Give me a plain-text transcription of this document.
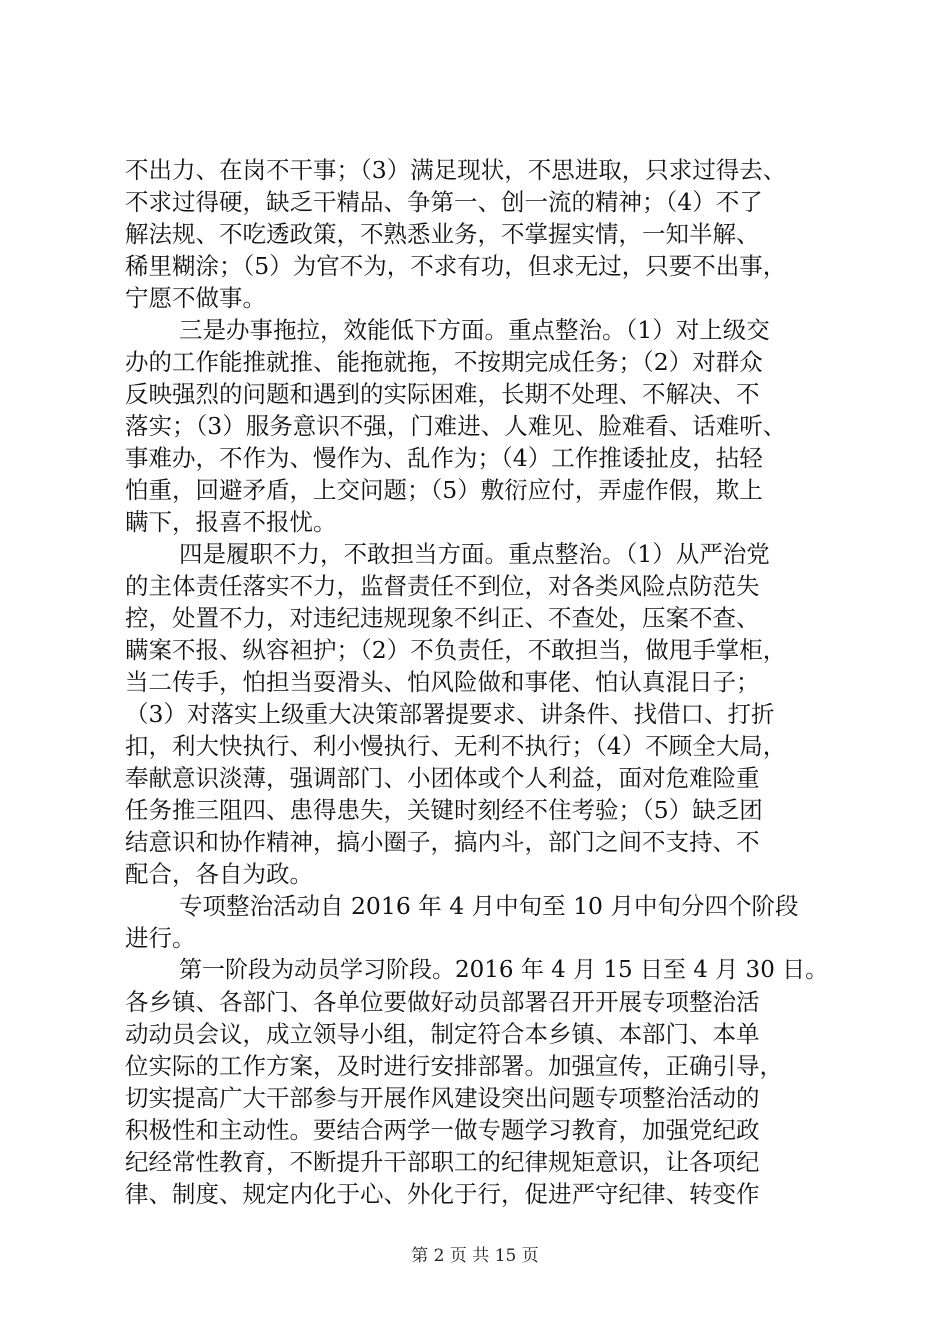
不出力、在岗不干事；（3）满足现状，不思进取，只求过得去、
不求过得硬，缺乏干精品、争第一、创一流的精神；（4）不了
解法规、不吃透政策，不熟悉业务，不掌握实情，一知半解、
稀里糊涂；（5）为官不为，不求有功，但求无过，只要不出事，
宁愿不做事。
三是办事拖拉，效能低下方面。重点整治。（1）对上级交
办的工作能推就推、能拖就拖，不按期完成任务；（2）对群众
反映强烈的问题和遇到的实际困难，长期不处理、不解决、不
落实；（3）服务意识不强，门难进、人难见、脸难看、话难听、
事难办，不作为、慢作为、乱作为；（4）工作推诿扯皮，拈轻
怕重，回避矛盾，上交问题；（5）敷衍应付，弄虚作假，欺上
瞒下，报喜不报忧。
四是履职不力，不敢担当方面。重点整治。（1）从严治党
的主体责任落实不力，监督责任不到位，对各类风险点防范失
控，处置不力，对违纪违规现象不纠正、不查处，压案不查、
瞒案不报、纵容袒护；（2）不负责任，不敢担当，做甩手掌柜，
当二传手，怕担当耍滑头、怕风险做和事佬、怕认真混日子；
（3）对落实上级重大决策部署提要求、讲条件、找借口、打折
扣，利大快执行、利小慢执行、无利不执行；（4）不顾全大局，
奉献意识淡薄，强调部门、小团体或个人利益，面对危难险重
任务推三阻四、患得患失，关键时刻经不住考验；（5）缺乏团
结意识和协作精神，搞小圈子，搞内斗，部门之间不支持、不
配合，各自为政。
专项整治活动自 2016 年 4 月中旬至 10 月中旬分四个阶段
进行。
第一阶段为动员学习阶段。2016 年 4 月 15 日至 4 月 30 日。
各乡镇、各部门、各单位要做好动员部署召开开展专项整治活
动动员会议，成立领导小组，制定符合本乡镇、本部门、本单
位实际的工作方案，及时进行安排部署。加强宣传，正确引导，
切实提高广大干部参与开展作风建设突出问题专项整治活动的
积极性和主动性。要结合两学一做专题学习教育，加强党纪政
纪经常性教育，不断提升干部职工的纪律规矩意识，让各项纪
律、制度、规定内化于心、外化于行，促进严守纪律、转变作
第 2 页 共 15 页
